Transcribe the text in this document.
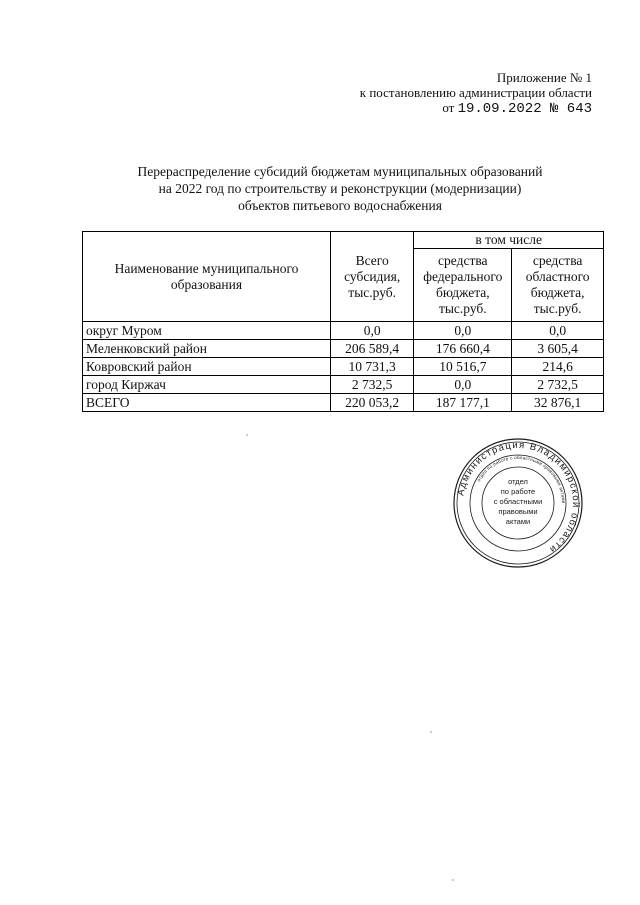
Приложение № 1
к постановлению администрации области
от 19.09.2022 № 643
Перераспределение субсидий бюджетам муниципальных образований
на 2022 год по строительству и реконструкции (модернизации)
объектов питьевого водоснабжения
Наименование муниципального образования	Всего субсидия, тыс.руб.	в том числе	
		средства федерального бюджета, тыс.руб.	средства областного бюджета, тыс.руб.
округ Муром	0,0	0,0	0,0
Меленковский район	206 589,4	176 660,4	3 605,4
Ковровский район	10 731,3	10 516,7	214,6
город Киржач	2 732,5	0,0	2 732,5
ВСЕГО	220 053,2	187 177,1	32 876,1
Администрация Владимирской области
отдел по работе с областными правовыми актами
отдел
по работе
с областными
правовыми
актами
